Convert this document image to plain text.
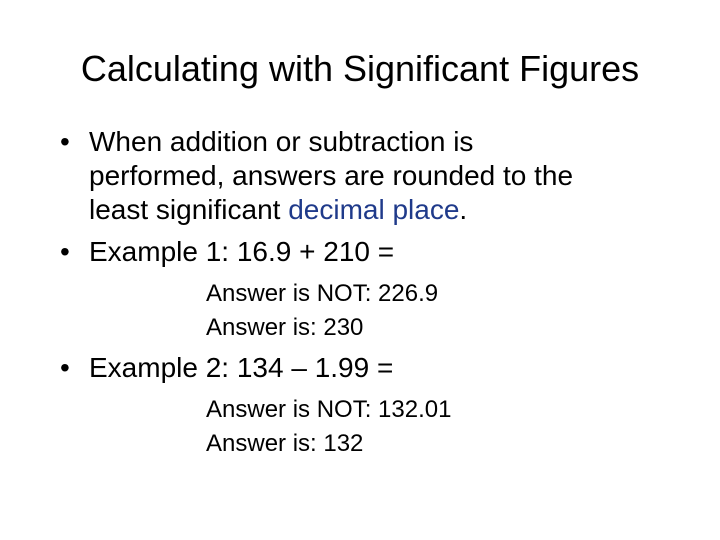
Calculating with Significant Figures
• When addition or subtraction is
performed, answers are rounded to the
least significant decimal place.
• Example 1: 16.9 + 210 =
Answer is NOT: 226.9
Answer is: 230
• Example 2: 134 – 1.99 =
Answer is NOT: 132.01
Answer is: 132
